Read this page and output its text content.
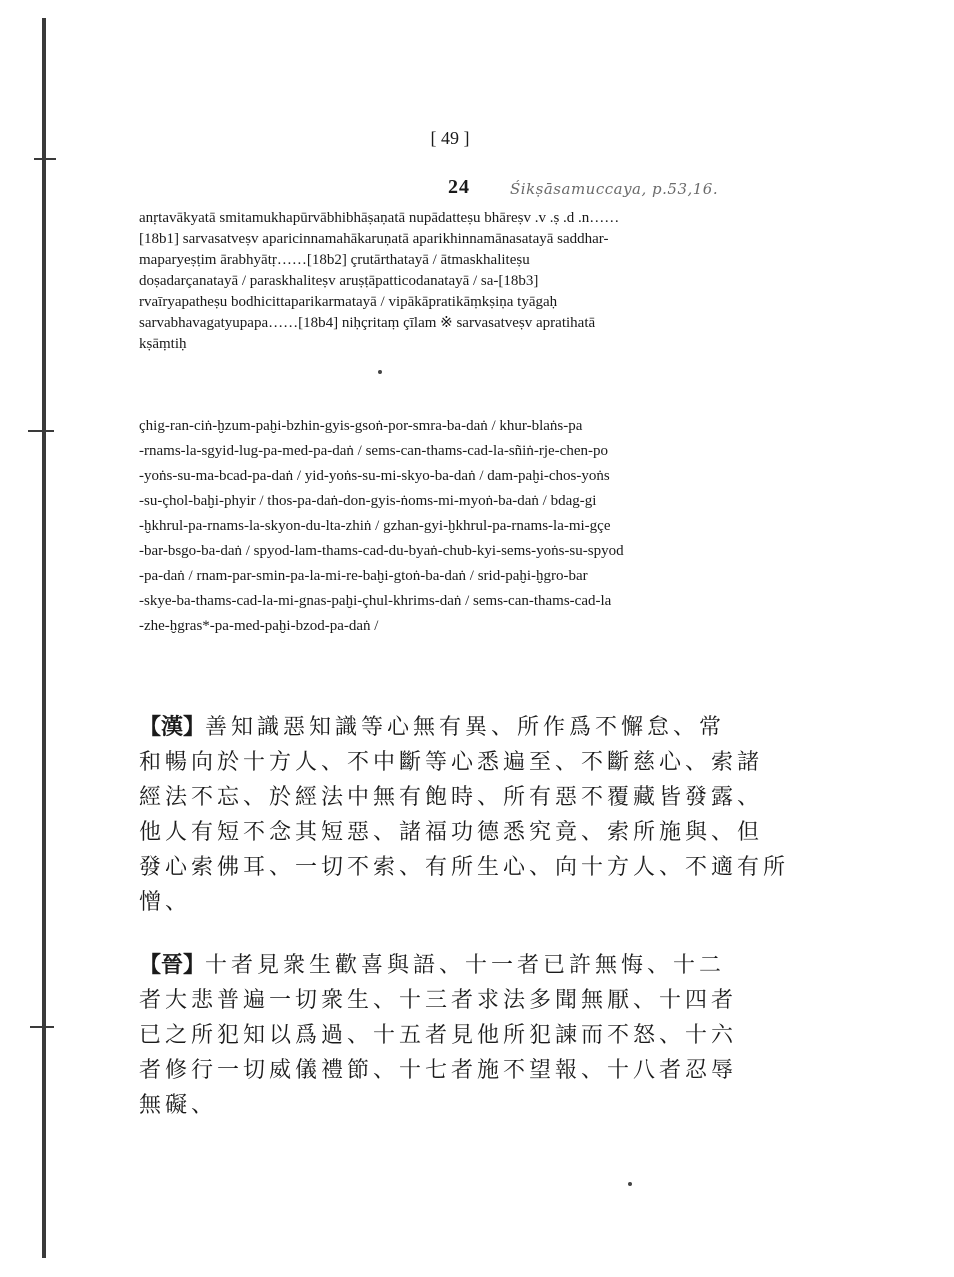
[ 49 ]
24	Śikṣāsamuccaya, p.53,16.
anṛtavākyatā smitamukhapūrvābhibhāṣaṇatā nupādatteṣu bhāreṣv .v .ṣ .d .n……
[18b1] sarvasatveṣv aparicinnamahākaruṇatā aparikhinnamānasatayā saddhar-
maparyeṣṭim ārabhyātṛ……[18b2] çrutārthatayā / ātmaskhaliteṣu
doṣadarçanatayā / paraskhaliteṣv aruṣṭāpatticodanatayā / sa-[18b3]
rvaīryapatheṣu bodhicittaparikarmatayā / vipākāpratikāṃkṣiṇa tyāgaḥ
sarvabhavagatyupapa……[18b4] niḥçritaṃ çīlam ※ sarvasatveṣv apratihatā
kṣāṃtiḥ
çhig-ran-ciṅ-ḫzum-paḫi-bzhin-gyis-gsoṅ-por-smra-ba-daṅ / khur-blaṅs-pa
-rnams-la-sgyid-lug-pa-med-pa-daṅ / sems-can-thams-cad-la-sñiṅ-rje-chen-po
-yoṅs-su-ma-bcad-pa-daṅ / yid-yoṅs-su-mi-skyo-ba-daṅ / dam-paḫi-chos-yoṅs
-su-çhol-baḫi-phyir / thos-pa-daṅ-don-gyis-ṅoms-mi-myoṅ-ba-daṅ / bdag-gi
-ḫkhrul-pa-rnams-la-skyon-du-lta-zhiṅ / gzhan-gyi-ḫkhrul-pa-rnams-la-mi-gçe
-bar-bsgo-ba-daṅ / spyod-lam-thams-cad-du-byaṅ-chub-kyi-sems-yoṅs-su-spyod
-pa-daṅ / rnam-par-smin-pa-la-mi-re-baḫi-gtoṅ-ba-daṅ / srid-paḫi-ḫgro-bar
-skye-ba-thams-cad-la-mi-gnas-paḫi-çhul-khrims-daṅ / sems-can-thams-cad-la
-zhe-ḫgras*-pa-med-paḫi-bzod-pa-daṅ /
【漢】善知識惡知識等心無有異、所作爲不懈怠、常
和暢向於十方人、不中斷等心悉遍至、不斷慈心、索諸
經法不忘、於經法中無有飽時、所有惡不覆藏皆發露、
他人有短不念其短惡、諸福功德悉究竟、索所施與、但
發心索佛耳、一切不索、有所生心、向十方人、不適有所
憎、
【晉】十者見衆生歡喜與語、十一者已許無悔、十二
者大悲普遍一切衆生、十三者求法多聞無厭、十四者
已之所犯知以爲過、十五者見他所犯諫而不怒、十六
者修行一切威儀禮節、十七者施不望報、十八者忍辱
無礙、
